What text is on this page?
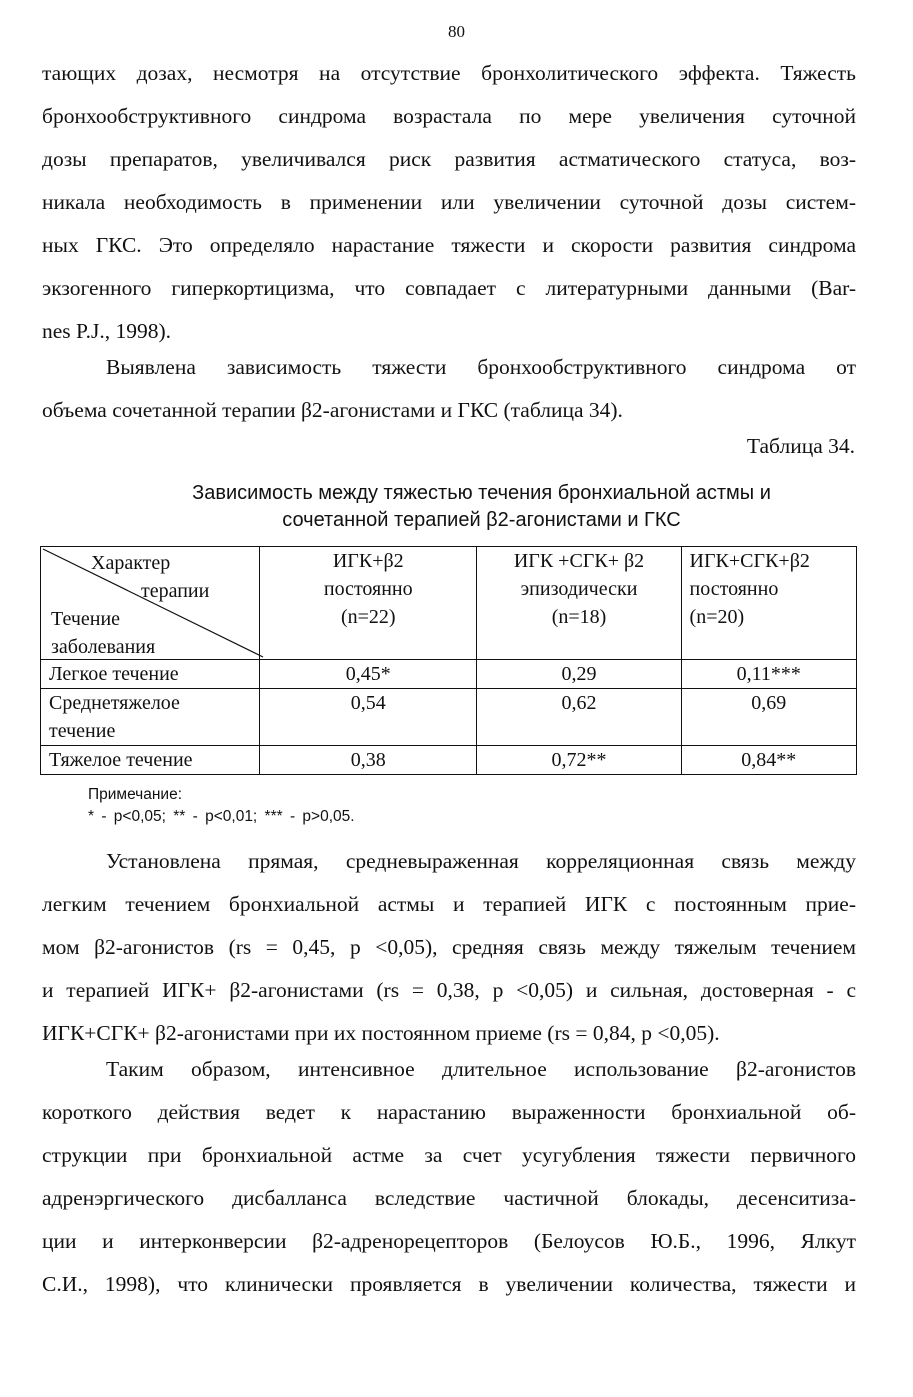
80

тающих дозах, несмотря на отсутствие бронхолитического эффекта. Тяжесть
бронхообструктивного синдрома возрастала по мере увеличения суточной
дозы препаратов, увеличивался риск развития астматического статуса, воз-
никала необходимость в применении или увеличении суточной дозы систем-
ных ГКС. Это определяло нарастание тяжести и скорости развития синдрома
экзогенного гиперкортицизма, что совпадает с литературными данными (Bar-
nes P.J., 1998).

Выявлена зависимость тяжести бронхообструктивного синдрома от
объема сочетанной терапии β2-агонистами и ГКС (таблица 34).

Таблица 34.
Зависимость между тяжестью течения бронхиальной астмы и
сочетанной терапией β2-агонистами и ГКС
Характер
терапии
Течение
заболевания	ИГК+β2
постоянно
(n=22)	ИГК +СГК+ β2
эпизодически
(n=18)	ИГК+СГК+β2
постоянно
(n=20)

Легкое течение	0,45*	0,29	0,11***
Среднетяжелое течение	0,54	0,62	0,69
Тяжелое течение	0,38	0,72**	0,84**
Примечание:
* - p<0,05; ** - p<0,01; *** - p>0,05.

Установлена прямая, средневыраженная корреляционная связь между
легким течением бронхиальной астмы и терапией ИГК с постоянным прие-
мом β2-агонистов (rs = 0,45, p <0,05), средняя связь между тяжелым течением
и терапией ИГК+ β2-агонистами (rs = 0,38, p <0,05) и сильная, достоверная - с
ИГК+СГК+ β2-агонистами при их постоянном приеме (rs = 0,84, p <0,05).

Таким образом, интенсивное длительное использование β2-агонистов
короткого действия ведет к нарастанию выраженности бронхиальной об-
струкции при бронхиальной астме за счет усугубления тяжести первичного
адренэргического дисбалланса вследствие частичной блокады, десенситиза-
ции и интерконверсии β2-адренорецепторов (Белоусов Ю.Б., 1996, Ялкут
С.И., 1998), что клинически проявляется в увеличении количества, тяжести и
